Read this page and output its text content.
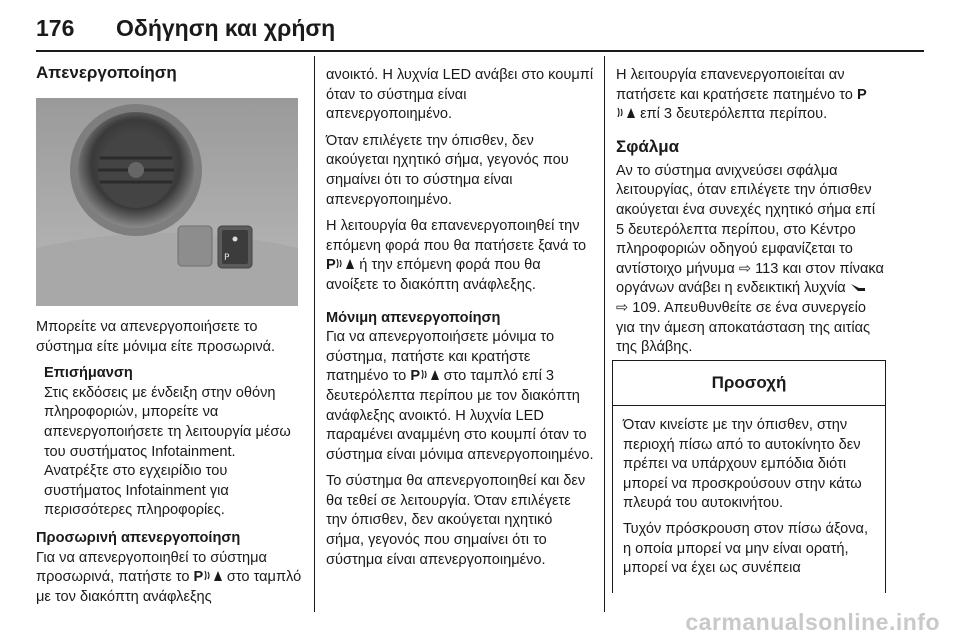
176 Οδήγηση και χρήση
Απενεργοποίηση
P

Μπορείτε να απενεργοποιήσετε το σύστημα είτε μόνιμα είτε προσωρινά.

Επισήμανση
Στις εκδόσεις με ένδειξη στην οθόνη πληροφοριών, μπορείτε να απενεργοποιήσετε τη λειτουργία μέσω του συστήματος Infotainment. Ανατρέξτε στο εγχειρίδιο του συστήματος Infotainment για περισσότερες πληροφορίες.
Προσωρινή απενεργοποίηση

Για να απενεργοποιηθεί το σύστημα προσωρινά, πατήστε το P στο ταμπλό με τον διακόπτη ανάφλεξης

ανοικτό. Η λυχνία LED ανάβει στο κουμπί όταν το σύστημα είναι απενεργοποιημένο.

Όταν επιλέγετε την όπισθεν, δεν ακούγεται ηχητικό σήμα, γεγονός που σημαίνει ότι το σύστημα είναι απενεργοποιημένο.

Η λειτουργία θα επανενεργοποιηθεί την επόμενη φορά που θα πατήσετε ξανά το P ή την επόμενη φορά που θα ανοίξετε το διακόπτη ανάφλεξης.

Μόνιμη απενεργοποίηση

Για να απενεργοποιήσετε μόνιμα το σύστημα, πατήστε και κρατήστε πατημένο το P στο ταμπλό επί 3 δευτερόλεπτα περίπου με τον διακόπτη ανάφλεξης ανοικτό. Η λυχνία LED παραμένει αναμμένη στο κουμπί όταν το σύστημα είναι μόνιμα απενεργοποιημένο.

Το σύστημα θα απενεργοποιηθεί και δεν θα τεθεί σε λειτουργία. Όταν επιλέγετε την όπισθεν, δεν ακούγεται ηχητικό σήμα, γεγονός που σημαίνει ότι το σύστημα είναι απενεργοποιημένο.

Η λειτουργία επανενεργοποιείται αν πατήσετε και κρατήσετε πατημένο το P επί 3 δευτερόλεπτα περίπου.

Σφάλμα

Αν το σύστημα ανιχνεύσει σφάλμα λειτουργίας, όταν επιλέγετε την όπισθεν ακούγεται ένα συνεχές ηχητικό σήμα επί 5 δευτερόλεπτα περίπου, στο Κέντρο πληροφοριών οδηγού εμφανίζεται το αντίστοιχο μήνυμα ⇨ 113 και στον πίνακα οργάνων ανάβει η ενδεικτική λυχνία
⇨ 109. Απευθυνθείτε σε ένα συνεργείο για την άμεση αποκατάσταση της αιτίας της βλάβης.

Προσοχή

Όταν κινείστε με την όπισθεν, στην περιοχή πίσω από το αυτοκίνητο δεν πρέπει να υπάρχουν εμπόδια διότι μπορεί να προσκρούσουν στην κάτω πλευρά του αυτοκινήτου.

Τυχόν πρόσκρουση στον πίσω άξονα, η οποία μπορεί να μην είναι ορατή, μπορεί να έχει ως συνέπεια

carmanualsonline.info
